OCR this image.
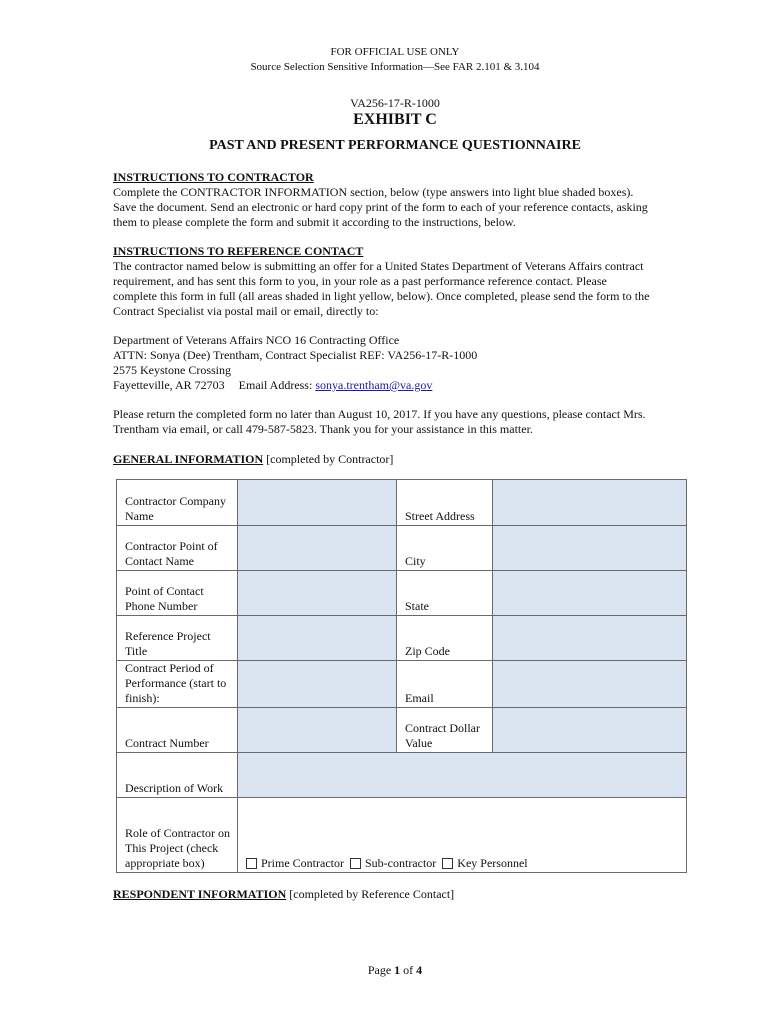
FOR OFFICIAL USE ONLY
Source Selection Sensitive Information—See FAR 2.101 & 3.104
VA256-17-R-1000
EXHIBIT C
PAST AND PRESENT PERFORMANCE QUESTIONNAIRE
INSTRUCTIONS TO CONTRACTOR
Complete the CONTRACTOR INFORMATION section, below (type answers into light blue shaded boxes).
Save the document. Send an electronic or hard copy print of the form to each of your reference contacts, asking
them to please complete the form and submit it according to the instructions, below.
INSTRUCTIONS TO REFERENCE CONTACT
The contractor named below is submitting an offer for a United States Department of Veterans Affairs contract
requirement, and has sent this form to you, in your role as a past performance reference contact. Please
complete this form in full (all areas shaded in light yellow, below). Once completed, please send the form to the
Contract Specialist via postal mail or email, directly to:
Department of Veterans Affairs NCO 16 Contracting Office
ATTN: Sonya (Dee) Trentham, Contract Specialist REF: VA256-17-R-1000
2575 Keystone Crossing
Fayetteville, AR 72703 Email Address: sonya.trentham@va.gov
Please return the completed form no later than August 10, 2017. If you have any questions, please contact Mrs.
Trentham via email, or call 479-587-5823. Thank you for your assistance in this matter.
GENERAL INFORMATION [completed by Contractor]
Contractor Company Name		Street Address	
Contractor Point of Contact Name		City	
Point of Contact Phone Number		State	
Reference Project Title		Zip Code	
Contract Period of Performance (start to finish):		Email	
Contract Number		Contract Dollar Value	
Description of Work			
Role of Contractor on This Project (check appropriate box)	Prime Contractor Sub-contractor Key Personnel		
RESPONDENT INFORMATION [completed by Reference Contact]
Page 1 of 4
